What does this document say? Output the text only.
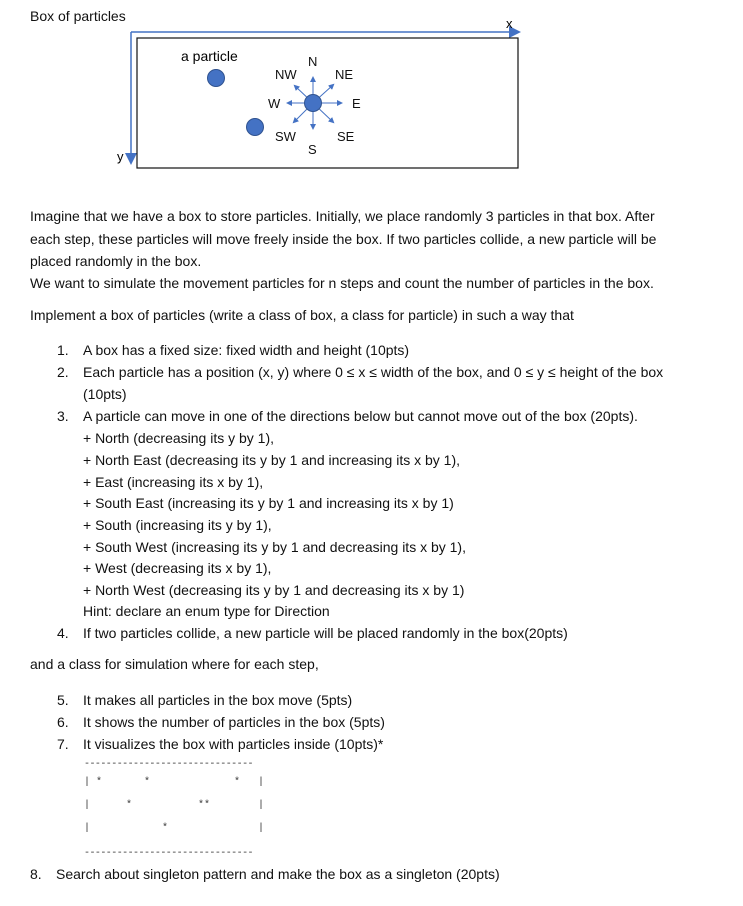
Box of particles	x
y
a particle	N
NW	NE
W	E
SW	SE
S
Imagine that we have a box to store particles. Initially, we place randomly 3 particles in that box. After
each step, these particles will move freely inside the box. If two particles collide, a new particle will be
placed randomly in the box.
We want to simulate the movement particles for n steps and count the number of particles in the box.
Implement a box of particles (write a class of box, a class for particle) in such a way that
1. A box has a fixed size: fixed width and height (10pts)
2. Each particle has a position (x, y) where 0 ≤ x ≤ width of the box, and 0 ≤ y ≤ height of the box
(10pts)
3. A particle can move in one of the directions below but cannot move out of the box (20pts).
+ North (decreasing its y by 1),
+ North East (decreasing its y by 1 and increasing its x by 1),
+ East (increasing its x by 1),
+ South East (increasing its y by 1 and increasing its x by 1)
+ South (increasing its y by 1),
+ South West (increasing its y by 1 and decreasing its x by 1),
+ West (decreasing its x by 1),
+ North West (decreasing its y by 1 and decreasing its x by 1)
Hint: declare an enum type for Direction
4. If two particles collide, a new particle will be placed randomly in the box(20pts)
and a class for simulation where for each step,
5. It makes all particles in the box move (5pts)
6. It shows the number of particles in the box (5pts)
7. It visualizes the box with particles inside (10pts)*
-------------------------------
| *       *              *   |
|      *           **        |
|            *               |
-------------------------------
8. Search about singleton pattern and make the box as a singleton (20pts)
